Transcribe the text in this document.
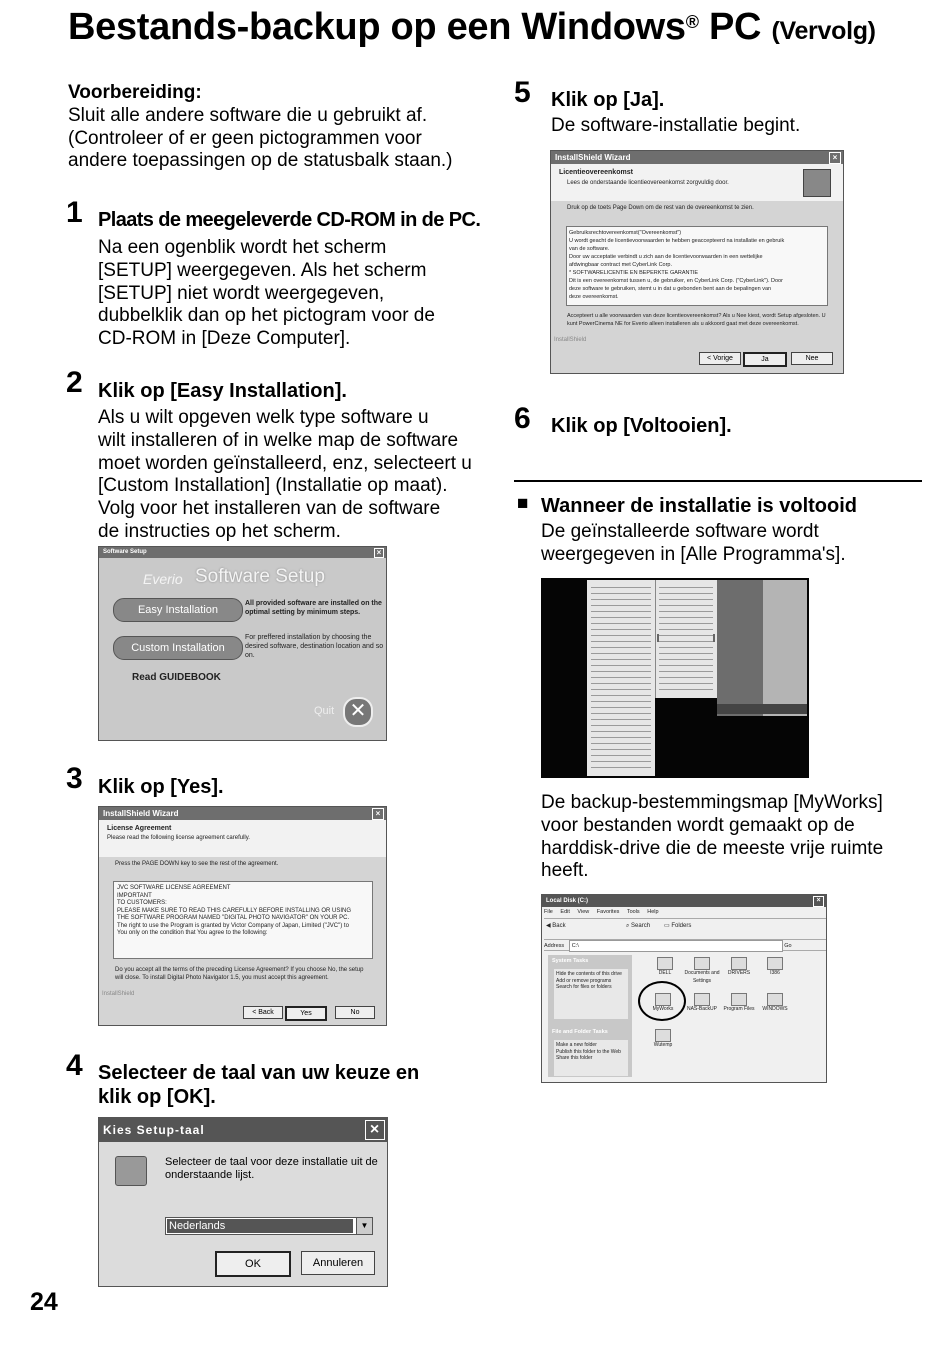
Bestands-backup op een Windows® PC (Vervolg)
Voorbereiding:
Sluit alle andere software die u gebruikt af.
(Controleer of er geen pictogrammen voor
andere toepassingen op de statusbalk staan.)
1 Plaats de meegeleverde CD-ROM in de PC.
Na een ogenblik wordt het scherm
[SETUP] weergegeven. Als het scherm
[SETUP] niet wordt weergegeven,
dubbelklik dan op het pictogram voor de
CD-ROM in [Deze Computer].
2 Klik op [Easy Installation].
Als u wilt opgeven welk type software u
wilt installeren of in welke map de software
moet worden geïnstalleerd, enz, selecteert u
[Custom Installation] (Installatie op maat).
Volg voor het installeren van de software
de instructies op het scherm.
Software Setup	×
Everio Software Setup
Easy Installation
All provided software are installed on the optimal setting by minimum steps.
Custom Installation
For preffered installation by choosing the desired software, destination location and so on.
Read GUIDEBOOK
Quit ✕
3 Klik op [Yes].
InstallShield Wizard	×
License Agreement
Please read the following license agreement carefully.
Press the PAGE DOWN key to see the rest of the agreement.
JVC SOFTWARE LICENSE AGREEMENT
IMPORTANT
TO CUSTOMERS:
PLEASE MAKE SURE TO READ THIS CAREFULLY BEFORE INSTALLING OR USING
THE SOFTWARE PROGRAM NAMED "DIGITAL PHOTO NAVIGATOR" ON YOUR PC.
The right to use the Program is granted by Victor Company of Japan, Limited ("JVC") to
You only on the condition that You agree to the following:
Do you accept all the terms of the preceding License Agreement? If you choose No, the setup will close. To install Digital Photo Navigator 1.5, you must accept this agreement.
InstallShield
< Back	Yes	No
4 Selecteer de taal van uw keuze en
klik op [OK].
Kies Setup-taal	×
Selecteer de taal voor deze installatie uit de
onderstaande lijst.
Nederlands	▼
OK	Annuleren
24
5 Klik op [Ja].
De software-installatie begint.
InstallShield Wizard	×
Licentieovereenkomst
Lees de onderstaande licentieovereenkomst zorgvuldig door.
Druk op de toets Page Down om de rest van de overeenkomst te zien.
Gebruiksrechtovereenkomst("Overeenkomst")
U wordt geacht de licentievoorwaarden te hebben geaccepteerd na installatie en gebruik
van de software.
Door uw acceptatie verbindt u zich aan de licentievoorwaarden in een wettelijke
afdwingbaar contract met CyberLink Corp.
* SOFTWARELICENTIE EN BEPERKTE GARANTIE
Dit is een overeenkomst tussen u, de gebruiker, en CyberLink Corp. ("CyberLink"). Door
deze software te gebruiken, stemt u in dat u gebonden bent aan de bepalingen van
deze overeenkomst.
Accepteert u alle voorwaarden van deze licentieovereenkomst? Als u Nee kiest, wordt Setup afgesloten. U kunt PowerCinema NE for Everio alleen installeren als u akkoord gaat met deze overeenkomst.
InstallShield
< Vorige	Ja	Nee
6 Klik op [Voltooien].
■ Wanneer de installatie is voltooid
De geïnstalleerde software wordt
weergegeven in [Alle Programma's].
De backup-bestemmingsmap [MyWorks]
voor bestanden wordt gemaakt op de
harddisk-drive die de meeste vrije ruimte
heeft.
Local Disk (C:)	×
File Edit View Favorites Tools Help
◀ Back	⌕ Search ▭ Folders
Address C:\	Go
System Tasks
Hide the contents of this drive
Add or remove programs
Search for files or folders
File and Folder Tasks
Make a new folder
Publish this folder to the Web
Share this folder
DELL	Documents and Settings
DRIVERS	I386
MyWorks	NAS-BackUP	Program Files	WINDOWS
Wutemp
